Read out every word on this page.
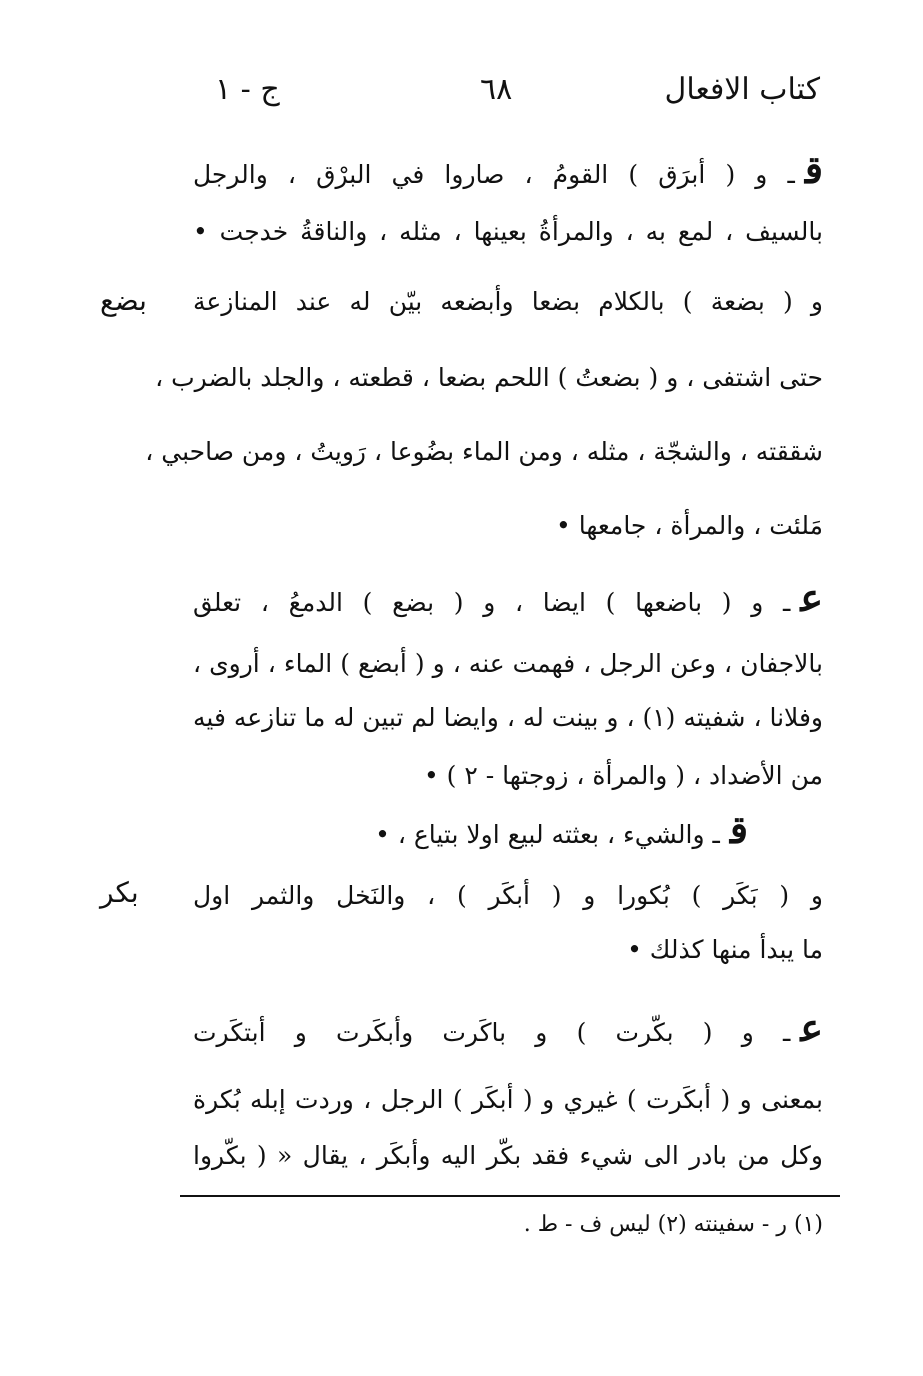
كتاب الافعال
٦٨
ج - ١
قـ و ( أبرَق ) القومُ ، صاروا في البرْق ، والرجل
بالسيف ، لمع به ، والمرأةُ بعينها ، مثله ، والناقةُ خدجت •
و ( بضعة ) بالكلام بضعا وأبضعه بيّن له عند المنازعة
حتى اشتفى ، و ( بضعتُ ) اللحم بضعا ، قطعته ، والجلد بالضرب ،
شققته ، والشجّة ، مثله ، ومن الماء بضُوعا ، رَويتُ ، ومن صاحبي ،
مَلئت ، والمرأة ، جامعها •
عـ و ( باضعها ) ايضا ، و ( بضع ) الدمعُ ، تعلق
بالاجفان ، وعن الرجل ، فهمت عنه ، و ( أبضع ) الماء ، أروى ،
وفلانا ، شفيته (١) ، و بينت له ، وايضا لم تبين له ما تنازعه فيه
من الأضداد ، ( والمرأة ، زوجتها - ٢ ) •
قـ والشيء ، بعثته لبيع اولا بتياع ، •
و ( بَكَر ) بُكورا و ( أبكَر ) ، والنَخل والثمر اول
ما يبدأ منها كذلك •
عـ و ( بكّرت ) و باكَرت وأبكَرت و أبتكَرت
بمعنى و ( أبكَرت ) غيري و ( أبكَر ) الرجل ، وردت إبله بُكرة
وكل من بادر الى شيء فقد بكّر اليه وأبكَر ، يقال « ( بكّروا
بضع
بكر
(١) ر - سفينته (٢) ليس ف - ط .
